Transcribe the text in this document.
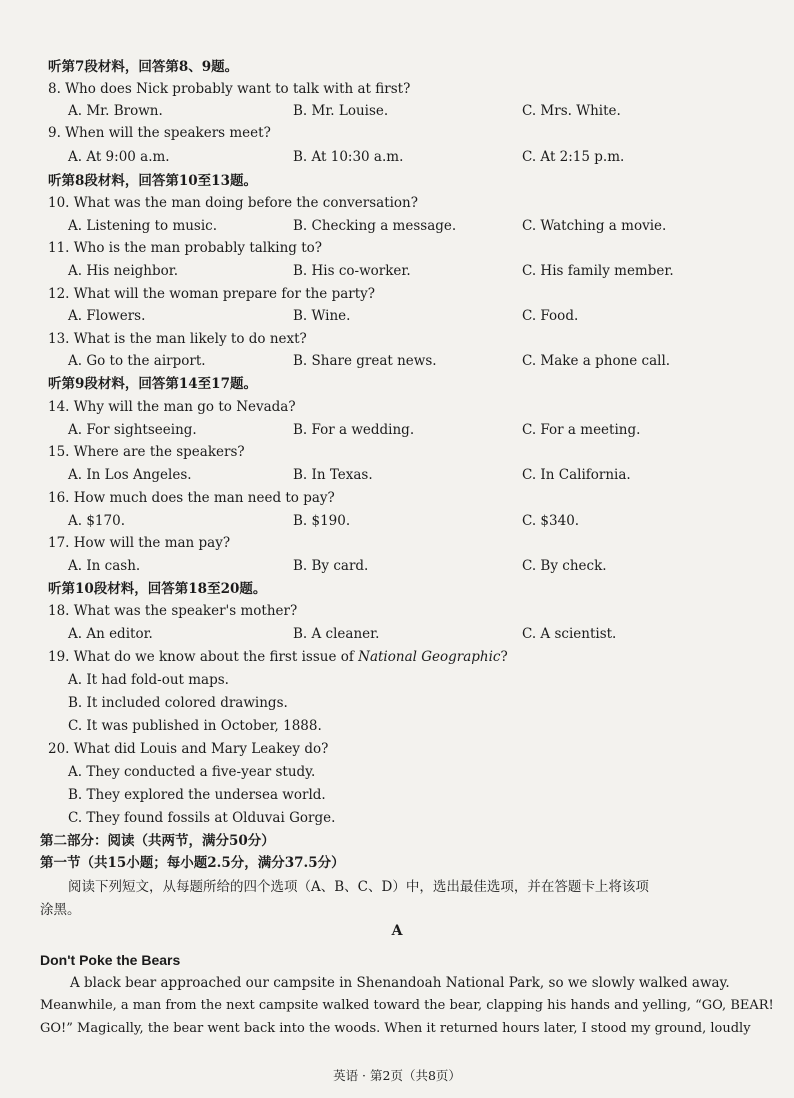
听第7段材料，回答第8、9题。
8. Who does Nick probably want to talk with at first?
A. Mr. Brown.	B. Mr. Louise.	C. Mrs. White.
9. When will the speakers meet?
A. At 9:00 a.m.	B. At 10:30 a.m.	C. At 2:15 p.m.
听第8段材料，回答第10至13题。
10. What was the man doing before the conversation?
A. Listening to music.	B. Checking a message.	C. Watching a movie.
11. Who is the man probably talking to?
A. His neighbor.	B. His co-worker.	C. His family member.
12. What will the woman prepare for the party?
A. Flowers.	B. Wine.	C. Food.
13. What is the man likely to do next?
A. Go to the airport.	B. Share great news.	C. Make a phone call.
听第9段材料，回答第14至17题。
14. Why will the man go to Nevada?
A. For sightseeing.	B. For a wedding.	C. For a meeting.
15. Where are the speakers?
A. In Los Angeles.	B. In Texas.	C. In California.
16. How much does the man need to pay?
A. $170.	B. $190.	C. $340.
17. How will the man pay?
A. In cash.	B. By card.	C. By check.
听第10段材料，回答第18至20题。
18. What was the speaker's mother?
A. An editor.	B. A cleaner.	C. A scientist.
19. What do we know about the first issue of National Geographic?
A. It had fold-out maps.
B. It included colored drawings.
C. It was published in October, 1888.
20. What did Louis and Mary Leakey do?
A. They conducted a five-year study.
B. They explored the undersea world.
C. They found fossils at Olduvai Gorge.
第二部分：阅读（共两节，满分50分）
第一节（共15小题；每小题2.5分，满分37.5分）
阅读下列短文，从每题所给的四个选项（A、B、C、D）中，选出最佳选项，并在答题卡上将该项
涂黑。
A
Don't Poke the Bears
A black bear approached our campsite in Shenandoah National Park, so we slowly walked away.
Meanwhile, a man from the next campsite walked toward the bear, clapping his hands and yelling, “GO, BEAR!
GO!” Magically, the bear went back into the woods. When it returned hours later, I stood my ground, loudly
英语 · 第2页（共8页）
